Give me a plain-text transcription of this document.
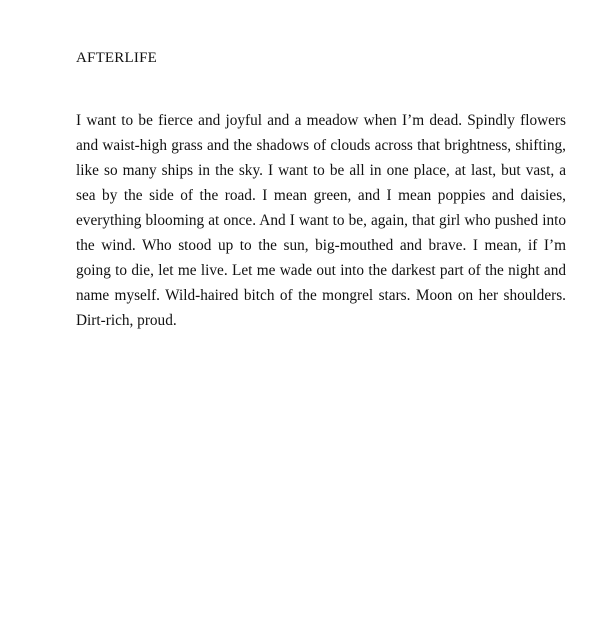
AFTERLIFE

I want to be fierce and joyful and a meadow when I’m dead. Spindly flowers and waist-high grass and the shadows of clouds across that brightness, shifting, like so many ships in the sky. I want to be all in one place, at last, but vast, a sea by the side of the road. I mean green, and I mean poppies and daisies, everything blooming at once. And I want to be, again, that girl who pushed into the wind. Who stood up to the sun, big-mouthed and brave. I mean, if I’m going to die, let me live. Let me wade out into the darkest part of the night and name myself. Wild-haired bitch of the mongrel stars. Moon on her shoulders. Dirt-rich, proud.
